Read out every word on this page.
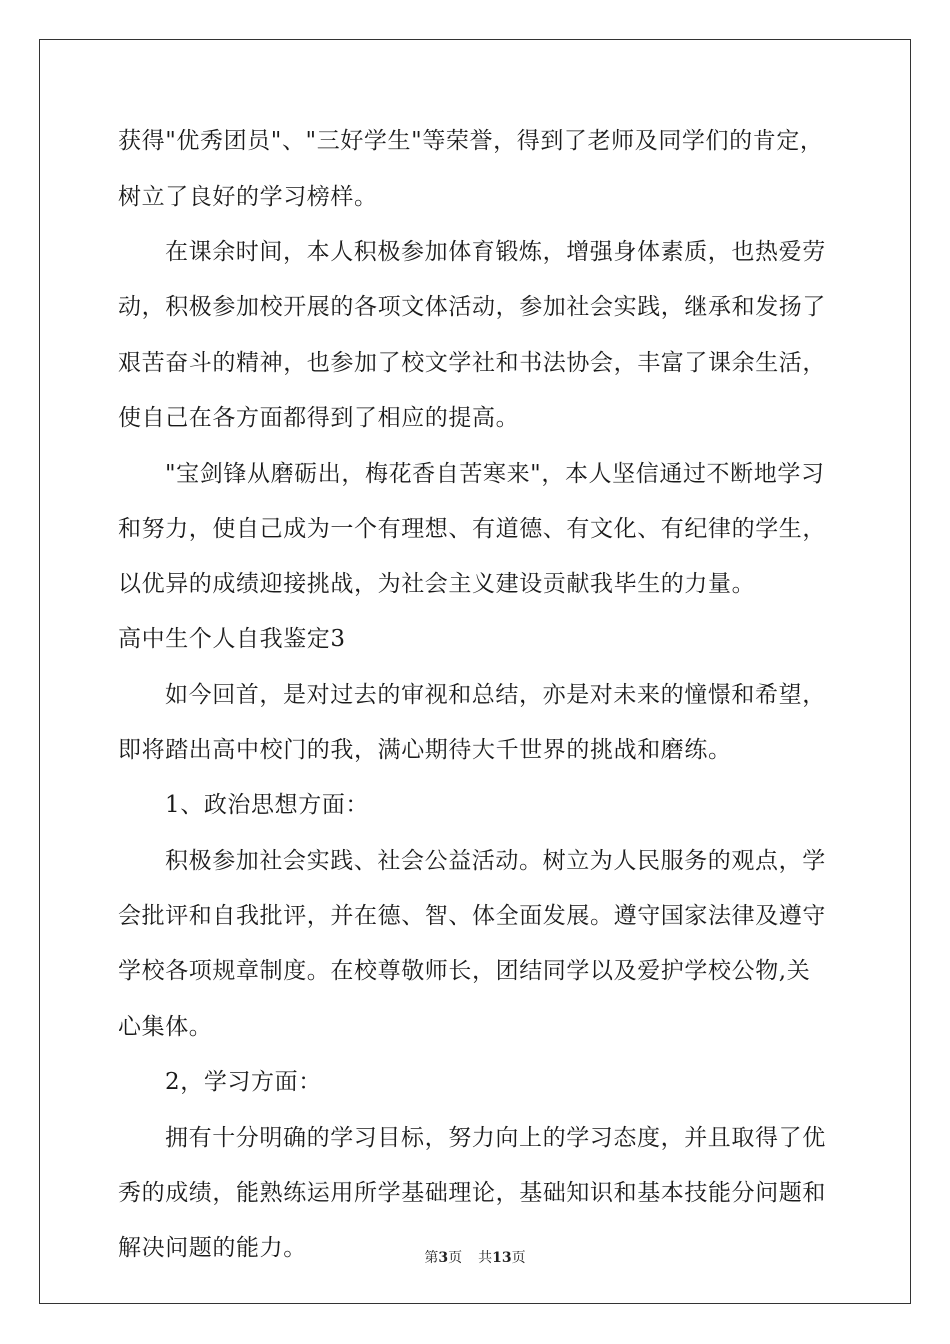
获得"优秀团员"、"三好学生"等荣誉，得到了老师及同学们的肯定，

树立了良好的学习榜样。

在课余时间，本人积极参加体育锻炼，增强身体素质，也热爱劳

动，积极参加校开展的各项文体活动，参加社会实践，继承和发扬了

艰苦奋斗的精神，也参加了校文学社和书法协会，丰富了课余生活，

使自己在各方面都得到了相应的提高。

"宝剑锋从磨砺出，梅花香自苦寒来"，本人坚信通过不断地学习

和努力，使自己成为一个有理想、有道德、有文化、有纪律的学生，

以优异的成绩迎接挑战，为社会主义建设贡献我毕生的力量。

高中生个人自我鉴定3

如今回首，是对过去的审视和总结，亦是对未来的憧憬和希望，

即将踏出高中校门的我，满心期待大千世界的挑战和磨练。

1、政治思想方面：

积极参加社会实践、社会公益活动。树立为人民服务的观点，学

会批评和自我批评，并在德、智、体全面发展。遵守国家法律及遵守

学校各项规章制度。在校尊敬师长，团结同学以及爱护学校公物,关

心集体。

2，学习方面：

拥有十分明确的学习目标，努力向上的学习态度，并且取得了优

秀的成绩，能熟练运用所学基础理论，基础知识和基本技能分问题和

解决问题的能力。	第3页 共13页
